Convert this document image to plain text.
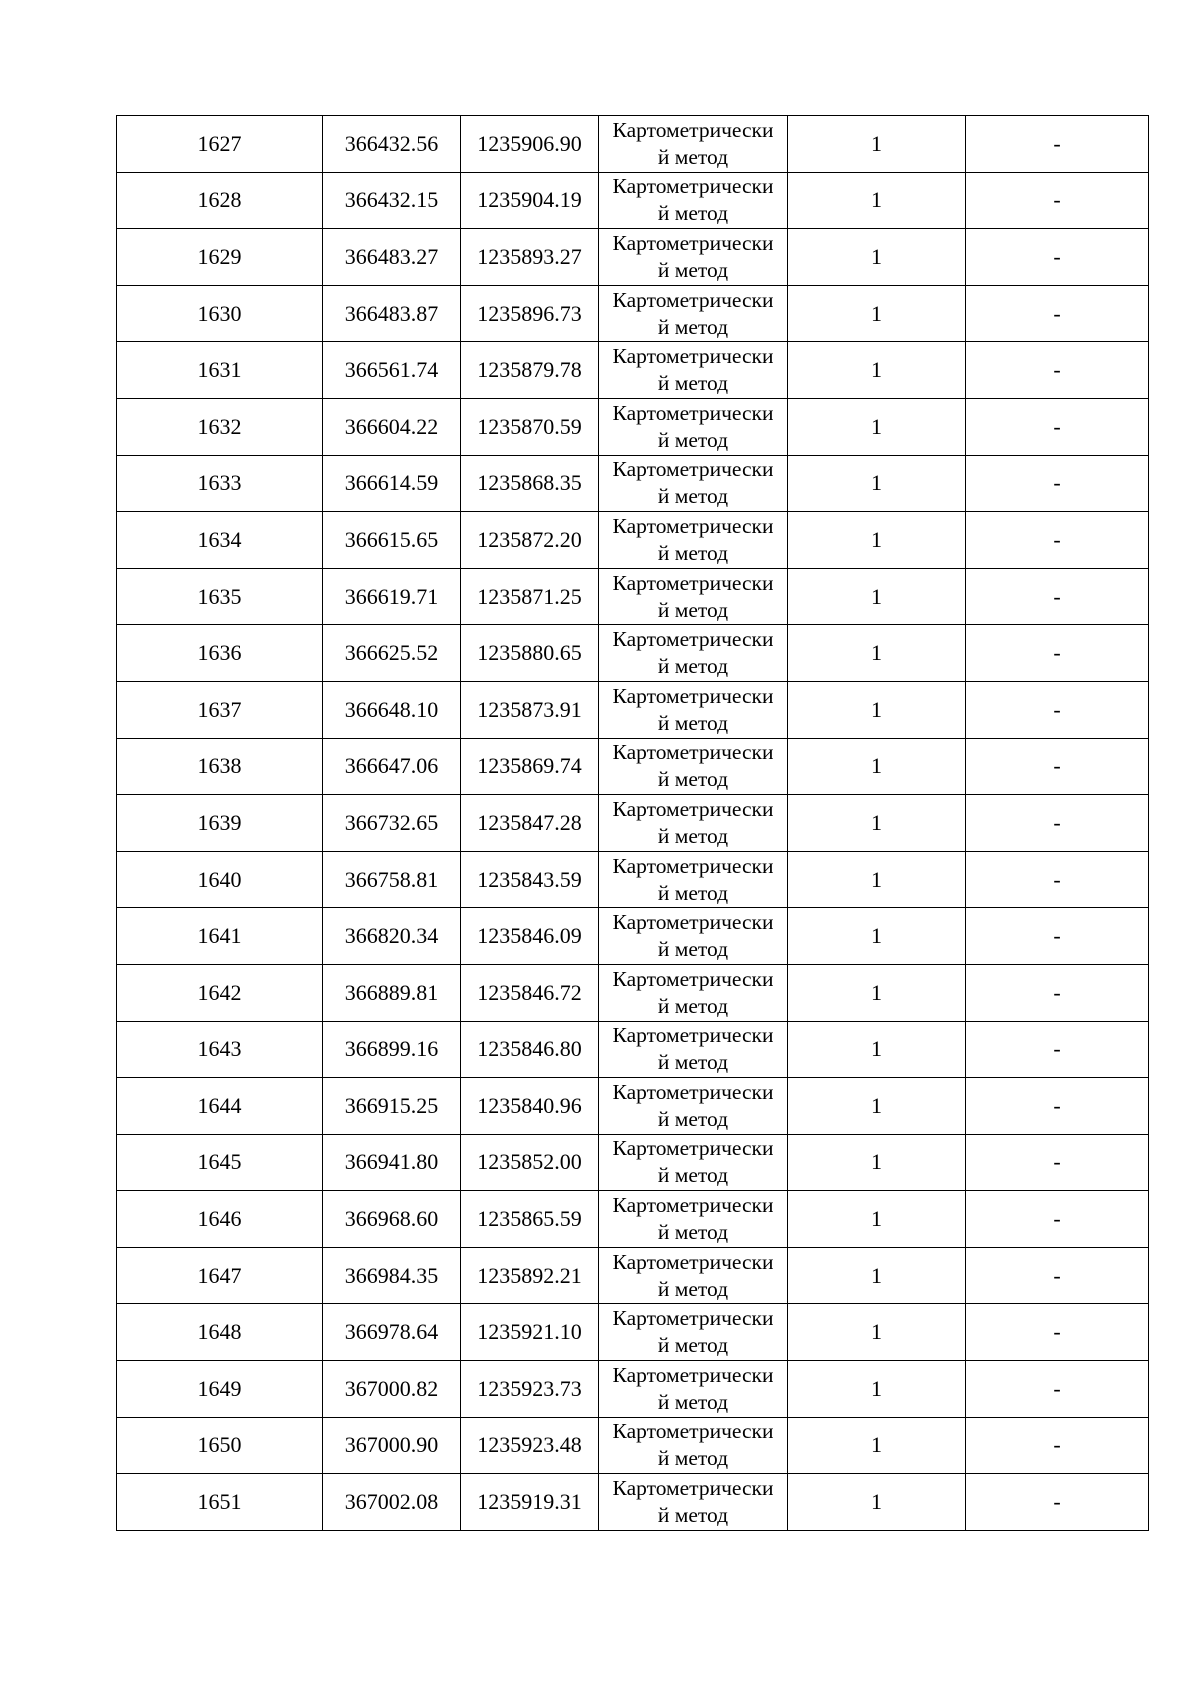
1627	366432.56	1235906.90	Картометрически
й метод	1	-
1628	366432.15	1235904.19	Картометрически
й метод	1	-
1629	366483.27	1235893.27	Картометрически
й метод	1	-
1630	366483.87	1235896.73	Картометрически
й метод	1	-
1631	366561.74	1235879.78	Картометрически
й метод	1	-
1632	366604.22	1235870.59	Картометрически
й метод	1	-
1633	366614.59	1235868.35	Картометрически
й метод	1	-
1634	366615.65	1235872.20	Картометрически
й метод	1	-
1635	366619.71	1235871.25	Картометрически
й метод	1	-
1636	366625.52	1235880.65	Картометрически
й метод	1	-
1637	366648.10	1235873.91	Картометрически
й метод	1	-
1638	366647.06	1235869.74	Картометрически
й метод	1	-
1639	366732.65	1235847.28	Картометрически
й метод	1	-
1640	366758.81	1235843.59	Картометрически
й метод	1	-
1641	366820.34	1235846.09	Картометрически
й метод	1	-
1642	366889.81	1235846.72	Картометрически
й метод	1	-
1643	366899.16	1235846.80	Картометрически
й метод	1	-
1644	366915.25	1235840.96	Картометрически
й метод	1	-
1645	366941.80	1235852.00	Картометрически
й метод	1	-
1646	366968.60	1235865.59	Картометрически
й метод	1	-
1647	366984.35	1235892.21	Картометрически
й метод	1	-
1648	366978.64	1235921.10	Картометрически
й метод	1	-
1649	367000.82	1235923.73	Картометрически
й метод	1	-
1650	367000.90	1235923.48	Картометрически
й метод	1	-
1651	367002.08	1235919.31	Картометрически
й метод	1	-
